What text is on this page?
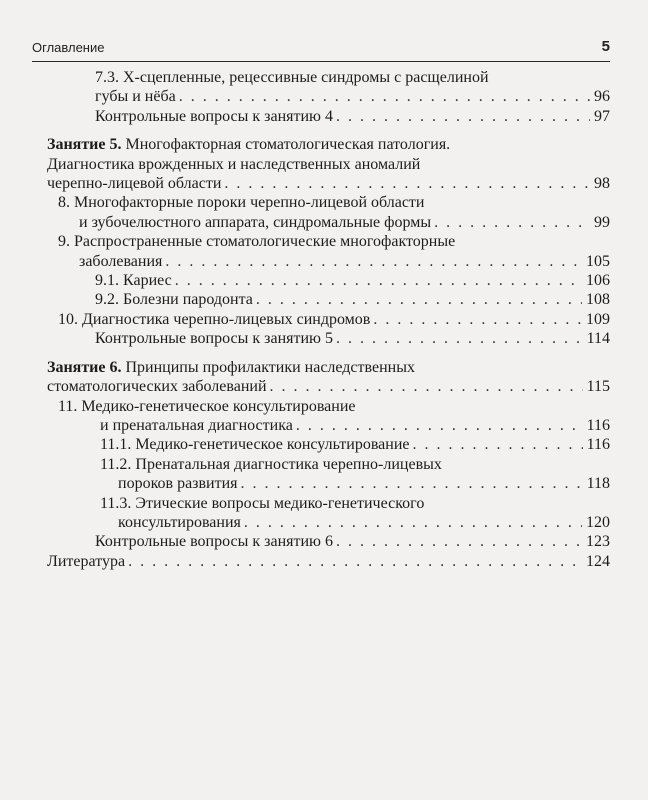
Оглавление	5
7.3. X-сцепленные, рецессивные синдромы с расщелиной
губы и нёба . . .	96
Контрольные вопросы к занятию 4 . . .	97
Занятие 5. Многофакторная стоматологическая патология.
Диагностика врожденных и наследственных аномалий
черепно-лицевой области . . .	98
8. Многофакторные пороки черепно-лицевой области
и зубочелюстного аппарата, синдромальные формы . . .	99
9. Распространенные стоматологические многофакторные
заболевания . . .	105
9.1. Кариес . . .	106
9.2. Болезни пародонта . . .	108
10. Диагностика черепно-лицевых синдромов . . .	109
Контрольные вопросы к занятию 5 . . .	114
Занятие 6. Принципы профилактики наследственных
стоматологических заболеваний . . .	115
11. Медико-генетическое консультирование
и пренатальная диагностика . . .	116
11.1. Медико-генетическое консультирование . . .	116
11.2. Пренатальная диагностика черепно-лицевых
пороков развития . . .	118
11.3. Этические вопросы медико-генетического
консультирования . . .	120
Контрольные вопросы к занятию 6 . . .	123
Литература . . .	124
